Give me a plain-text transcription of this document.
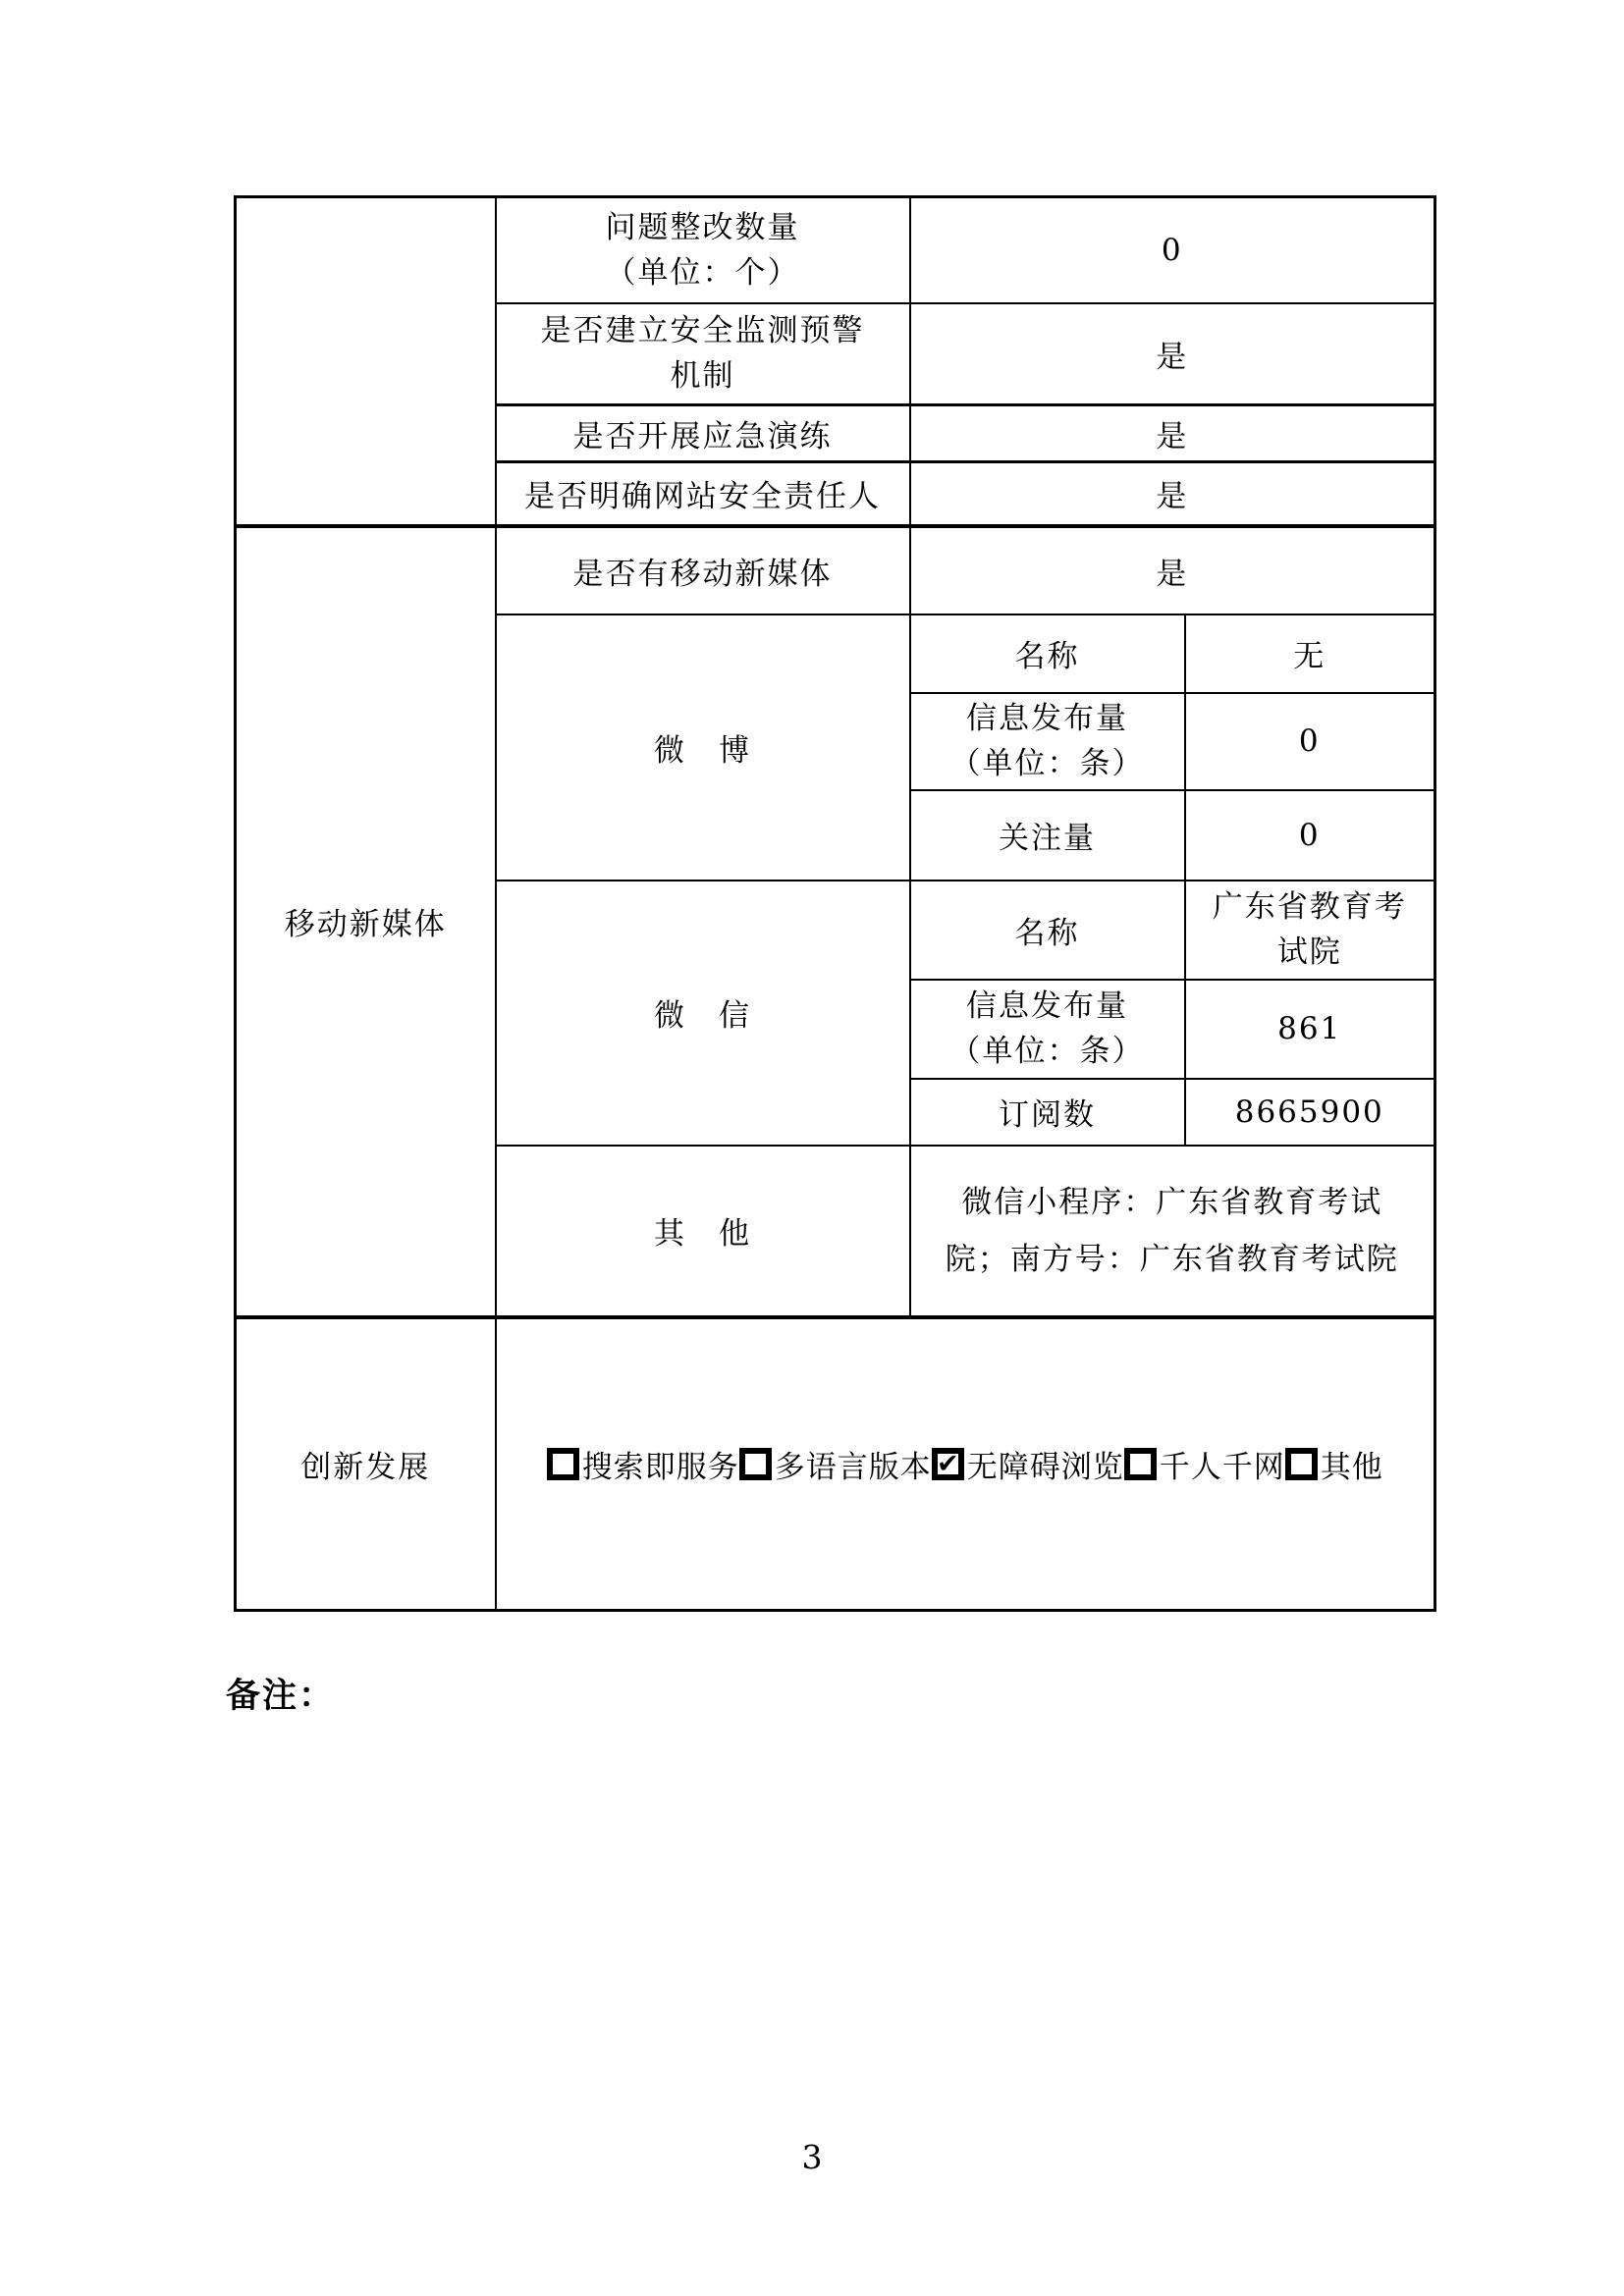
	问题整改数量
（单位：个）	0	

	是否建立安全监测预警
机制	是	
	是否开展应急演练	是	
	是否明确网站安全责任人	是	
移动新媒体	是否有移动新媒体	是	
	微　博	名称	无

		信息发布量
（单位：条）	0
		关注量	0
	微　信	名称	广东省教育考
试院

		信息发布量
（单位：条）	861
		订阅数	8665900
	其　他	微信小程序：广东省教育考试
院；南方号：广东省教育考试院	

创新发展	搜索即服务 多语言版本 ✔ 无障碍浏览 千人千网 其他
备注：
3
